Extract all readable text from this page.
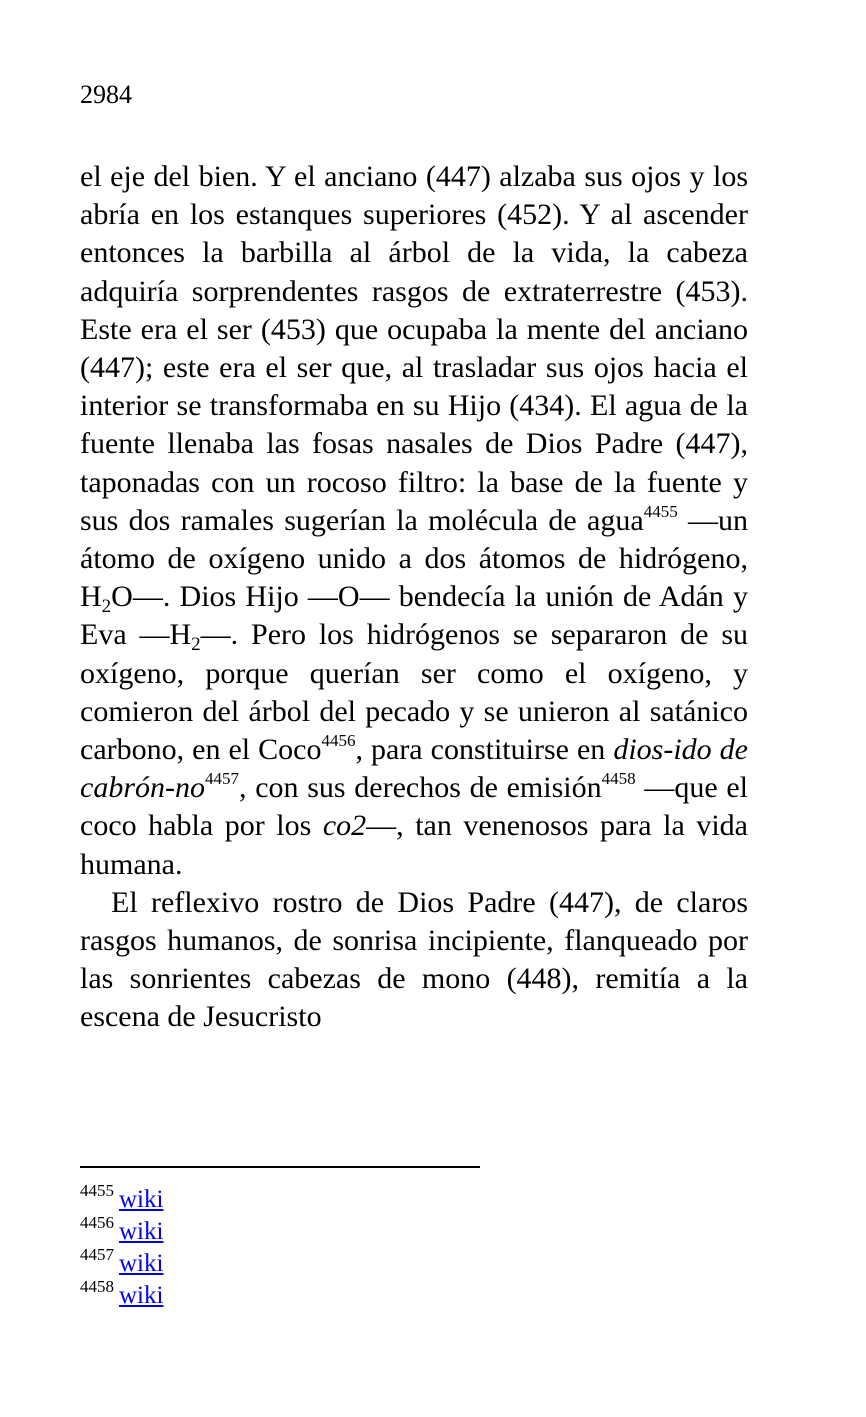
2984

el eje del bien. Y el anciano (447) alzaba sus ojos y los abría en los estanques superiores (452). Y al ascender entonces la barbilla al árbol de la vida, la cabeza adquiría sorprendentes rasgos de extraterrestre (453). Este era el ser (453) que ocupaba la mente del anciano (447); este era el ser que, al trasladar sus ojos hacia el interior se transformaba en su Hijo (434). El agua de la fuente llenaba las fosas nasales de Dios Padre (447), taponadas con un rocoso filtro: la base de la fuente y sus dos ramales sugerían la molécula de agua$^{4455}$ —un átomo de oxígeno unido a dos átomos de hidrógeno, $H_2O—$. Dios Hijo —O— bendecía la unión de Adán y Eva $—H_2—$. Pero los hidrógenos se separaron de su oxígeno, porque querían ser como el oxígeno, y comieron del árbol del pecado y se unieron al satánico carbono, en el Coco$^{4456}$, para constituirse en dios-ido de cabrón-no$^{4457}$, con sus derechos de emisión$^{4458}$ —que el coco habla por los co2—, tan venenosos para la vida humana.

El reflexivo rostro de Dios Padre (447), de claros rasgos humanos, de sonrisa incipiente, flanqueado por las sonrientes cabezas de mono (448), remitía a la escena de Jesucristo

$^{4455}$ wiki
$^{4456}$ wiki
$^{4457}$ wiki
$^{4458}$ wiki
